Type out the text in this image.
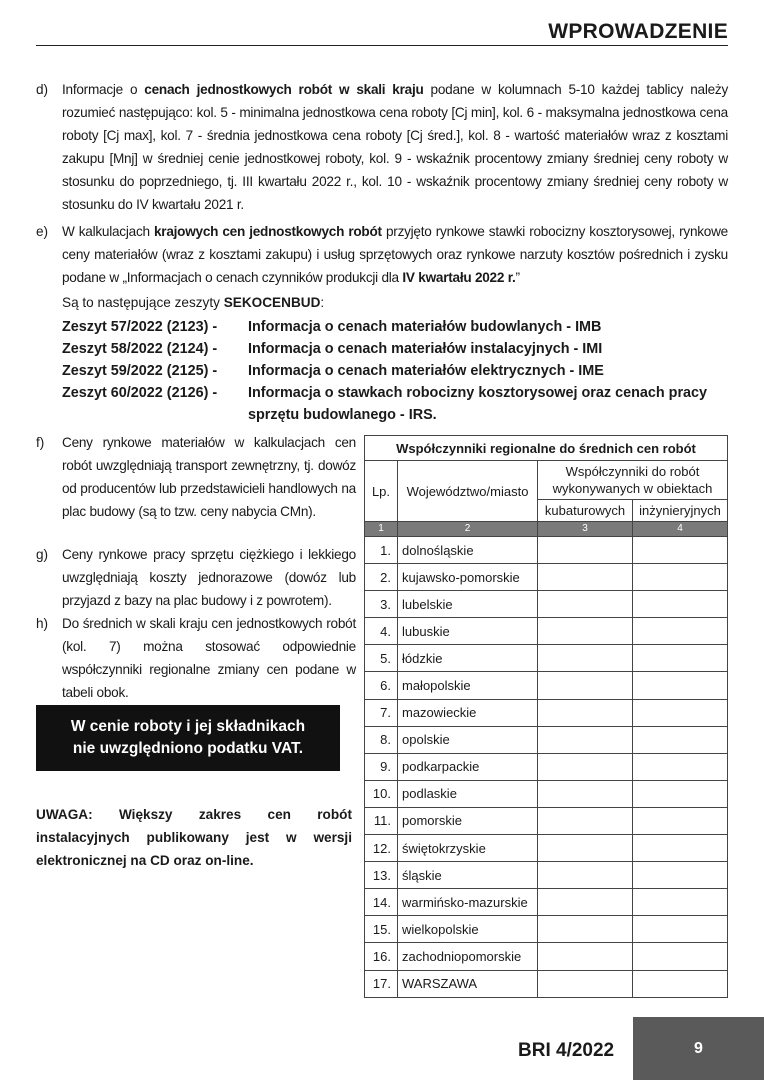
WPROWADZENIE
d) Informacje o cenach jednostkowych robót w skali kraju podane w kolumnach 5-10 każdej tablicy należy rozumieć następująco: kol. 5 - minimalna jednostkowa cena roboty [Cj min], kol. 6 - maksymalna jednostkowa cena roboty [Cj max], kol. 7 - średnia jednostkowa cena roboty [Cj śred.], kol. 8 - wartość materiałów wraz z kosztami zakupu [Mnj] w średniej cenie jednostkowej roboty, kol. 9 - wskaźnik procentowy zmiany średniej ceny roboty w stosunku do poprzedniego, tj. III kwartału 2022 r., kol. 10 - wskaźnik procentowy zmiany średniej ceny roboty w stosunku do IV kwartału 2021 r.
e) W kalkulacjach krajowych cen jednostkowych robót przyjęto rynkowe stawki robocizny kosztorysowej, rynkowe ceny materiałów (wraz z kosztami zakupu) i usług sprzętowych oraz rynkowe narzuty kosztów pośrednich i zysku podane w „Informacjach o cenach czynników produkcji dla IV kwartału 2022 r.”
Są to następujące zeszyty SEKOCENBUD:
Zeszyt 57/2022 (2123) -	Informacja o cenach materiałów budowlanych - IMB
Zeszyt 58/2022 (2124) -	Informacja o cenach materiałów instalacyjnych - IMI
Zeszyt 59/2022 (2125) -	Informacja o cenach materiałów elektrycznych - IME
Zeszyt 60/2022 (2126) -	Informacja o stawkach robocizny kosztorysowej oraz cenach pracy sprzętu budowlanego - IRS.
f) Ceny rynkowe materiałów w kalkulacjach cen robót uwzględniają transport zewnętrzny, tj. dowóz od producentów lub przedstawicieli handlowych na plac budowy (są to tzw. ceny nabycia CMn).
g) Ceny rynkowe pracy sprzętu ciężkiego i lekkiego uwzględniają koszty jednorazowe (dowóz lub przyjazd z bazy na plac budowy i z powrotem).
h) Do średnich w skali kraju cen jednostkowych robót (kol. 7) można stosować odpowiednie współczynniki regionalne zmiany cen podane w tabeli obok.
W cenie roboty i jej składnikach
nie uwzględniono podatku VAT.
UWAGA: Większy zakres cen robót instalacyjnych publikowany jest w wersji elektronicznej na CD oraz on-line.
Współczynniki regionalne do średnich cen robót			
Lp.	Województwo/miasto	Współczynniki do robót wykonywanych w obiektach	
		kubaturowych	inżynieryjnych
1	2	3	4
1.	dolnośląskie		
2.	kujawsko-pomorskie		
3.	lubelskie		
4.	lubuskie		
5.	łódzkie		
6.	małopolskie		
7.	mazowieckie		
8.	opolskie		
9.	podkarpackie		
10.	podlaskie		
11.	pomorskie		
12.	świętokrzyskie		
13.	śląskie		
14.	warmińsko-mazurskie		
15.	wielkopolskie		
16.	zachodniopomorskie		
17.	WARSZAWA		
BRI 4/2022	9
